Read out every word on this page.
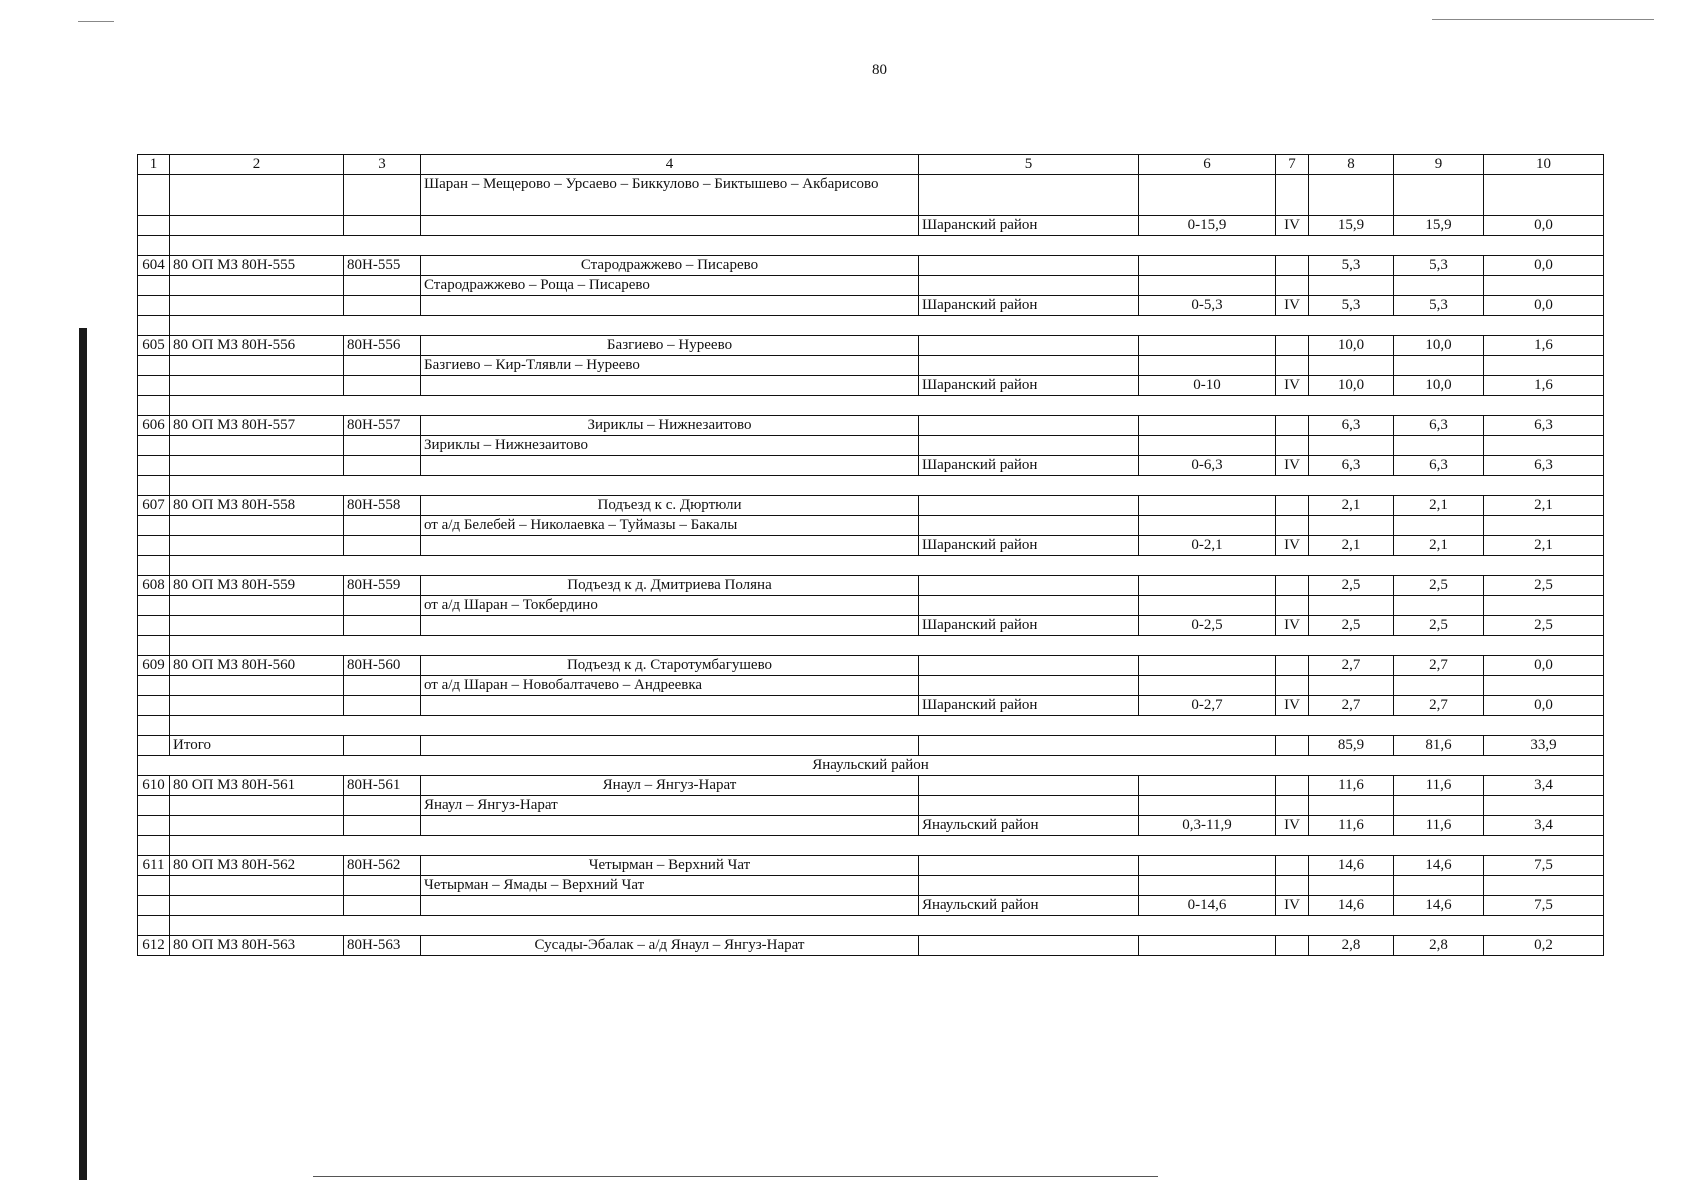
80
1	2	3	4	5	6	7	8	9	10
			Шаран – Мещерово – Урсаево – Биккулово – Биктышево – Акбарисово						
				Шаранский район	0-15,9	IV	15,9	15,9	0,0

604	80 ОП МЗ 80Н-555	80Н-555	Стародражжево – Писарево				5,3	5,3	0,0
			Стародражжево – Роща – Писарево						
				Шаранский район	0-5,3	IV	5,3	5,3	0,0

605	80 ОП МЗ 80Н-556	80Н-556	Базгиево – Нуреево				10,0	10,0	1,6
			Базгиево – Кир-Тлявли – Нуреево						
				Шаранский район	0-10	IV	10,0	10,0	1,6

606	80 ОП МЗ 80Н-557	80Н-557	Зириклы – Нижнезаитово				6,3	6,3	6,3
			Зириклы – Нижнезаитово						
				Шаранский район	0-6,3	IV	6,3	6,3	6,3

607	80 ОП МЗ 80Н-558	80Н-558	Подъезд к с. Дюртюли				2,1	2,1	2,1
			от а/д Белебей – Николаевка – Туймазы – Бакалы						
				Шаранский район	0-2,1	IV	2,1	2,1	2,1

608	80 ОП МЗ 80Н-559	80Н-559	Подъезд к д. Дмитриева Поляна				2,5	2,5	2,5
			от а/д Шаран – Токбердино						
				Шаранский район	0-2,5	IV	2,5	2,5	2,5

609	80 ОП МЗ 80Н-560	80Н-560	Подъезд к д. Старотумбагушево				2,7	2,7	0,0
			от а/д Шаран – Новобалтачево – Андреевка						
				Шаранский район	0-2,7	IV	2,7	2,7	0,0

	Итого						85,9	81,6	33,9
Янаульский район									
610	80 ОП МЗ 80Н-561	80Н-561	Янаул – Янгуз-Нарат				11,6	11,6	3,4
			Янаул – Янгуз-Нарат						
				Янаульский район	0,3-11,9	IV	11,6	11,6	3,4

611	80 ОП МЗ 80Н-562	80Н-562	Четырман – Верхний Чат				14,6	14,6	7,5
			Четырман – Ямады – Верхний Чат						
				Янаульский район	0-14,6	IV	14,6	14,6	7,5

612	80 ОП МЗ 80Н-563	80Н-563	Сусады-Эбалак – а/д Янаул – Янгуз-Нарат				2,8	2,8	0,2
